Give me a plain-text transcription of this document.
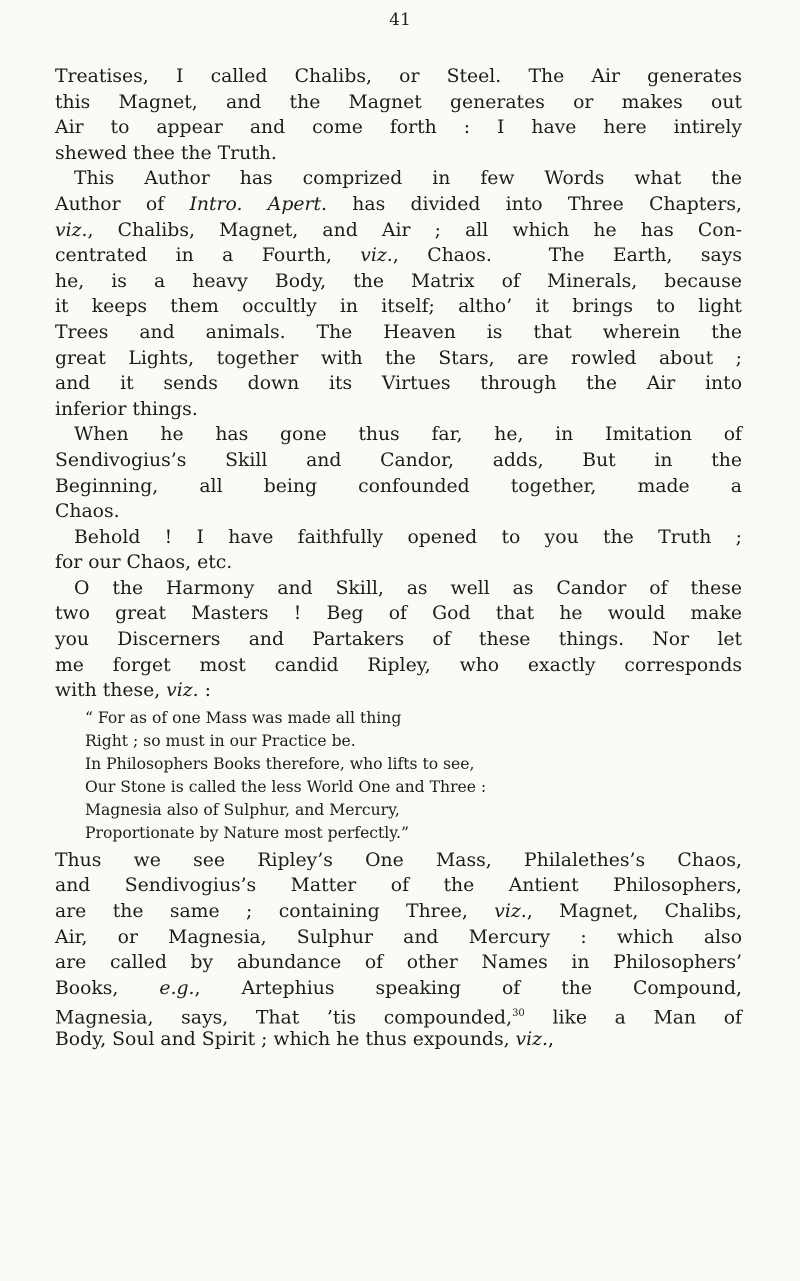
41
Treatises, I called Chalibs, or Steel. The Air generates
this Magnet, and the Magnet generates or makes out
Air to appear and come forth : I have here intirely
shewed thee the Truth.
This Author has comprized in few Words what the
Author of Intro. Apert. has divided into Three Chapters,
viz., Chalibs, Magnet, and Air ; all which he has Con-
centrated in a Fourth, viz., Chaos.  The Earth, says
he, is a heavy Body, the Matrix of Minerals, because
it keeps them occultly in itself; altho’ it brings to light
Trees and animals. The Heaven is that wherein the
great Lights, together with the Stars, are rowled about ;
and it sends down its Virtues through the Air into
inferior things.
When he has gone thus far, he, in Imitation of
Sendivogius’s Skill and Candor, adds, But in the
Beginning, all being confounded together, made a
Chaos.
Behold ! I have faithfully opened to you the Truth ;
for our Chaos, etc.
O the Harmony and Skill, as well as Candor of these
two great Masters ! Beg of God that he would make
you Discerners and Partakers of these things. Nor let
me forget most candid Ripley, who exactly corresponds
with these, viz. :
“ For as of one Mass was made all thing
Right ; so must in our Practice be.
In Philosophers Books therefore, who lifts to see,
Our Stone is called the less World One and Three :
Magnesia also of Sulphur, and Mercury,
Proportionate by Nature most perfectly.”
Thus we see Ripley’s One Mass, Philalethes’s Chaos,
and Sendivogius’s Matter of the Antient Philosophers,
are the same ; containing Three, viz., Magnet, Chalibs,
Air, or Magnesia, Sulphur and Mercury : which also
are called by abundance of other Names in Philosophers’
Books, e.g., Artephius speaking of the Compound,
Magnesia, says, That ’tis compounded,$^{30}$ like a Man of
Body, Soul and Spirit ; which he thus expounds, viz.,
